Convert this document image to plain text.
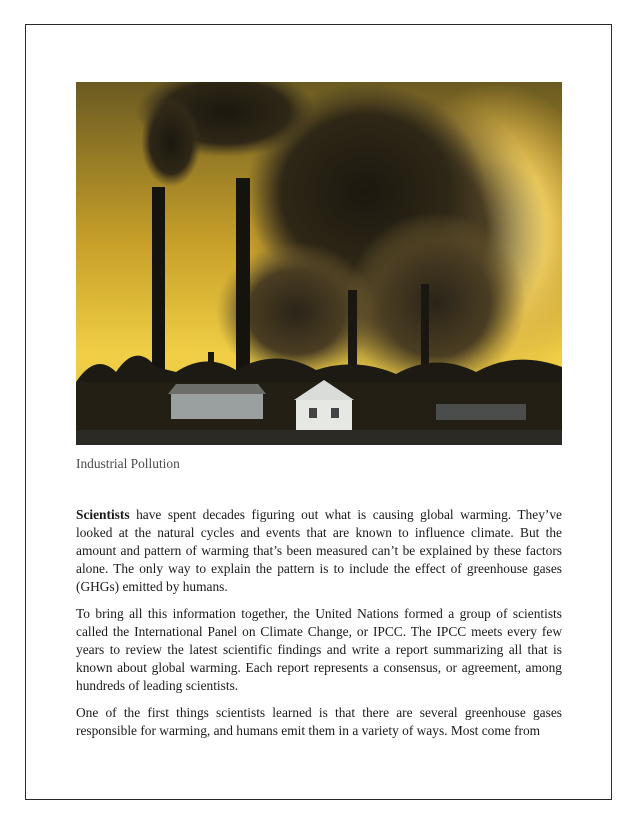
Industrial Pollution

Scientists have spent decades figuring out what is causing global warming. They’ve looked at the natural cycles and events that are known to influence climate. But the amount and pattern of warming that’s been measured can’t be explained by these factors alone. The only way to explain the pattern is to include the effect of greenhouse gases (GHGs) emitted by humans.

To bring all this information together, the United Nations formed a group of scientists called the International Panel on Climate Change, or IPCC. The IPCC meets every few years to review the latest scientific findings and write a report summarizing all that is known about global warming. Each report represents a consensus, or agreement, among hundreds of leading scientists.

One of the first things scientists learned is that there are several greenhouse gases responsible for warming, and humans emit them in a variety of ways. Most come from
